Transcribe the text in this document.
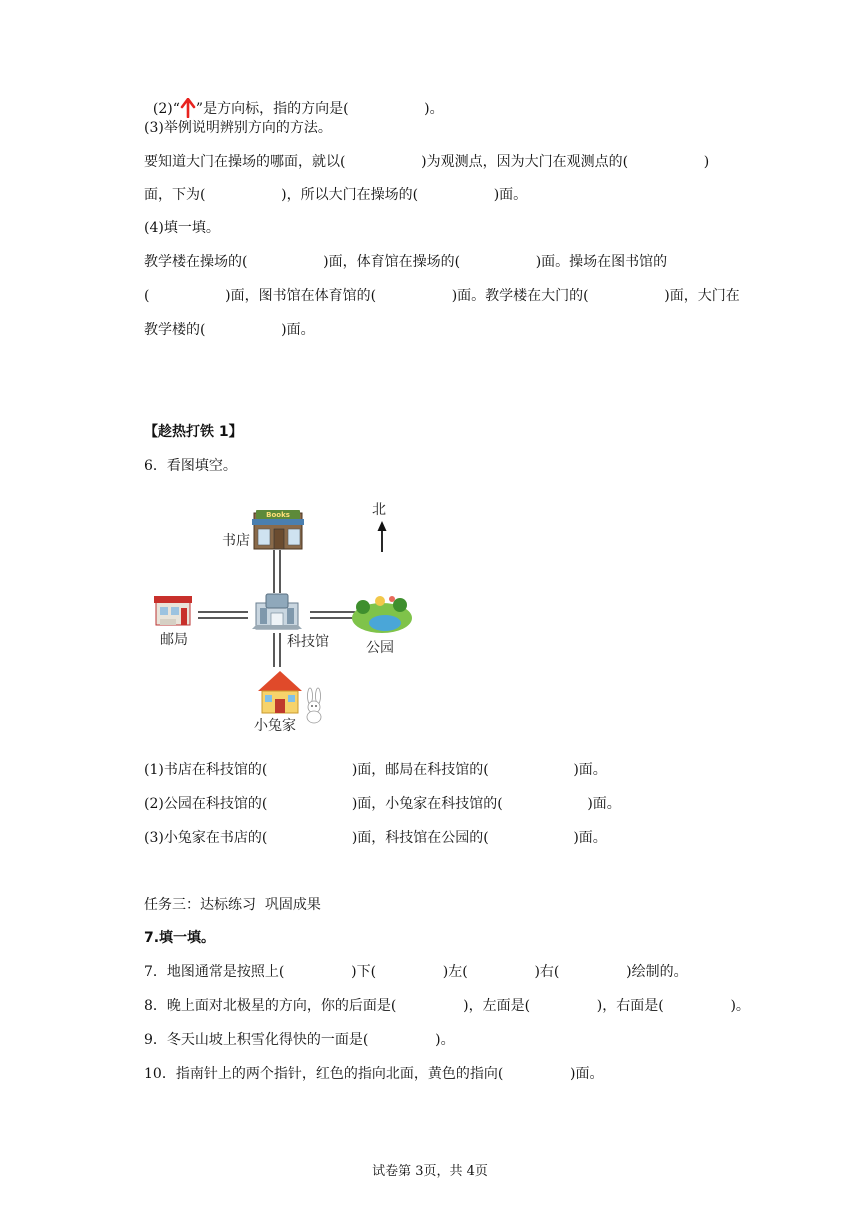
(2)“ ”是方向标，指的方向是(                 )。

(3)举例说明辨别方向的方法。
要知道大门在操场的哪面，就以(                 )为观测点，因为大门在观测点的(                 )
面，下为(                 )，所以大门在操场的(                 )面。
(4)填一填。
教学楼在操场的(                 )面，体育馆在操场的(                 )面。操场在图书馆的
(                 )面，图书馆在体育馆的(                 )面。教学楼在大门的(                 )面，大门在
教学楼的(                 )面。
【趁热打铁 1】
6．看图填空。
Books	北
书店
邮局	科技馆	公园
小兔家
(1)书店在科技馆的(                   )面，邮局在科技馆的(                   )面。
(2)公园在科技馆的(                   )面，小兔家在科技馆的(                   )面。
(3)小兔家在书店的(                   )面，科技馆在公园的(                   )面。
任务三：达标练习  巩固成果
7.填一填。
7．地图通常是按照上(               )下(               )左(               )右(               )绘制的。
8．晚上面对北极星的方向，你的后面是(               )，左面是(               )，右面是(               )。
9．冬天山坡上积雪化得快的一面是(               )。
10．指南针上的两个指针，红色的指向北面，黄色的指向(               )面。
试卷第 3页，共 4页
